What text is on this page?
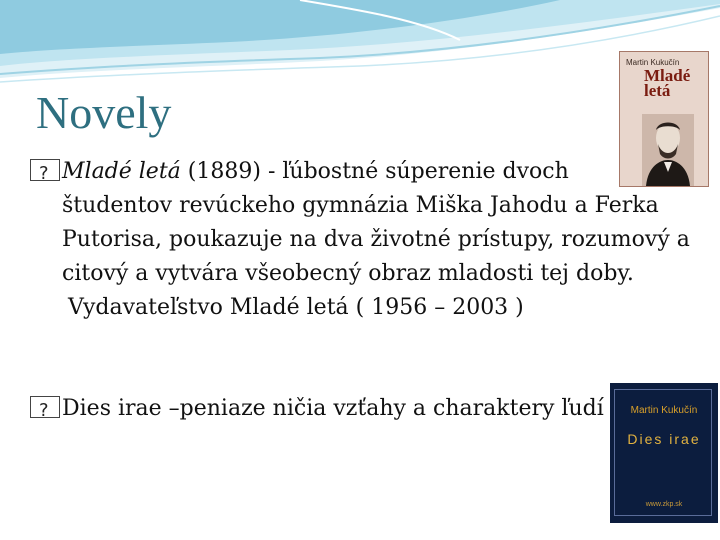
Novely
?Mladé letá (1889) - ľúbostné súperenie dvoch
študentov revúckeho gymnázia Miška Jahodu a Ferka Putorisa, poukazuje na dva životné prístupy, rozumový a citový a vytvára všeobecný obraz mladosti tej doby.
Vydavateľstvo Mladé letá ( 1956 – 2003 )
?Dies irae –peniaze ničia vzťahy a charaktery ľudí
Martin Kukučín
Mladé
letá
Martin Kukučín
Dies irae
www.zkp.sk
